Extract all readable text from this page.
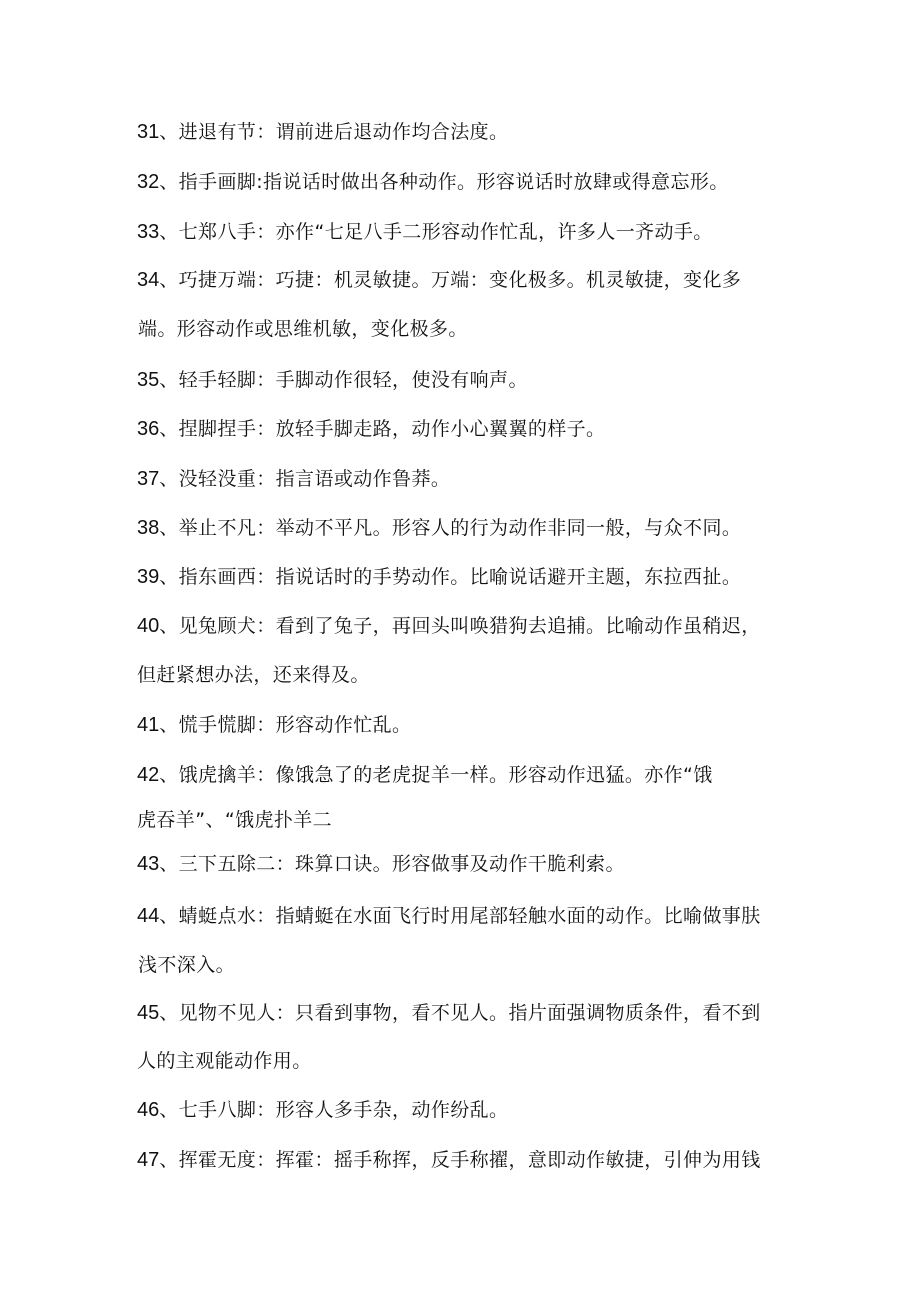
31、进退有节：谓前进后退动作均合法度。
32、指手画脚:指说话时做出各种动作。形容说话时放肆或得意忘形。
33、七郑八手：亦作“七足八手二形容动作忙乱，许多人一齐动手。
34、巧捷万端：巧捷：机灵敏捷。万端：变化极多。机灵敏捷，变化多
端。形容动作或思维机敏，变化极多。
35、轻手轻脚：手脚动作很轻，使没有响声。
36、捏脚捏手：放轻手脚走路，动作小心翼翼的样子。
37、没轻没重：指言语或动作鲁莽。
38、举止不凡：举动不平凡。形容人的行为动作非同一般，与众不同。
39、指东画西：指说话时的手势动作。比喻说话避开主题，东拉西扯。
40、见兔顾犬：看到了兔子，再回头叫唤猎狗去追捕。比喻动作虽稍迟，
但赶紧想办法，还来得及。
41、慌手慌脚：形容动作忙乱。
42、饿虎擒羊：像饿急了的老虎捉羊一样。形容动作迅猛。亦作“饿
虎吞羊”、“饿虎扑羊二
43、三下五除二：珠算口诀。形容做事及动作干脆利索。
44、蜻蜓点水：指蜻蜓在水面飞行时用尾部轻触水面的动作。比喻做事肤
浅不深入。
45、见物不见人：只看到事物，看不见人。指片面强调物质条件，看不到
人的主观能动作用。
46、七手八脚：形容人多手杂，动作纷乱。
47、挥霍无度：挥霍：摇手称挥，反手称擢，意即动作敏捷，引伸为用钱
